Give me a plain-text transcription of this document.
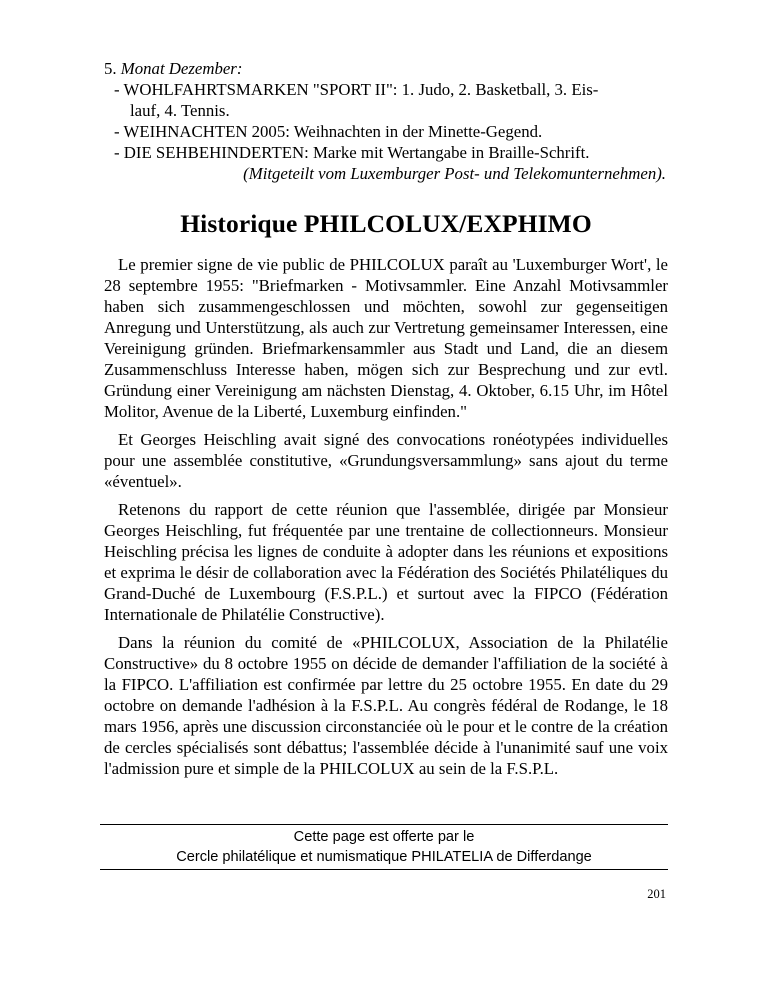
5. Monat Dezember:
- WOHLFAHRTSMARKEN "SPORT II": 1. Judo, 2. Basketball, 3. Eis-
lauf, 4. Tennis.
- WEIHNACHTEN 2005: Weihnachten in der Minette-Gegend.
- DIE SEHBEHINDERTEN: Marke mit Wertangabe in Braille-Schrift.
(Mitgeteilt vom Luxemburger Post- und Telekomunternehmen).
Historique PHILCOLUX/EXPHIMO

Le premier signe de vie public de PHILCOLUX paraît au 'Luxemburger Wort', le 28 septembre 1955: "Briefmarken - Motivsammler. Eine Anzahl Motivsammler haben sich zusammengeschlossen und möchten, sowohl zur gegenseitigen Anregung und Unterstützung, als auch zur Vertretung gemeinsamer Interessen, eine Vereinigung gründen. Briefmarkensammler aus Stadt und Land, die an diesem Zusammenschluss Interesse haben, mögen sich zur Besprechung und zur evtl. Gründung einer Vereinigung am nächsten Dienstag, 4. Oktober, 6.15 Uhr, im Hôtel Molitor, Avenue de la Liberté, Luxemburg einfinden."

Et Georges Heischling avait signé des convocations ronéotypées individuelles pour une assemblée constitutive, «Grundungsversammlung» sans ajout du terme «éventuel».

Retenons du rapport de cette réunion que l'assemblée, dirigée par Monsieur Georges Heischling, fut fréquentée par une trentaine de collectionneurs. Monsieur Heischling précisa les lignes de conduite à adopter dans les réunions et expositions et exprima le désir de collaboration avec la Fédération des Sociétés Philatéliques du Grand-Duché de Luxembourg (F.S.P.L.) et surtout avec la FIPCO (Fédération Internationale de Philatélie Constructive).

Dans la réunion du comité de «PHILCOLUX, Association de la Philatélie Constructive» du 8 octobre 1955 on décide de demander l'affiliation de la société à la FIPCO. L'affiliation est confirmée par lettre du 25 octobre 1955. En date du 29 octobre on demande l'adhésion à la F.S.P.L. Au congrès fédéral de Rodange, le 18 mars 1956, après une discussion circonstanciée où le pour et le contre de la création de cercles spécialisés sont débattus; l'assemblée décide à l'unanimité sauf une voix l'admission pure et simple de la PHILCOLUX au sein de la F.S.P.L.

Cette page est offerte par le
Cercle philatélique et numismatique PHILATELIA de Differdange
201
